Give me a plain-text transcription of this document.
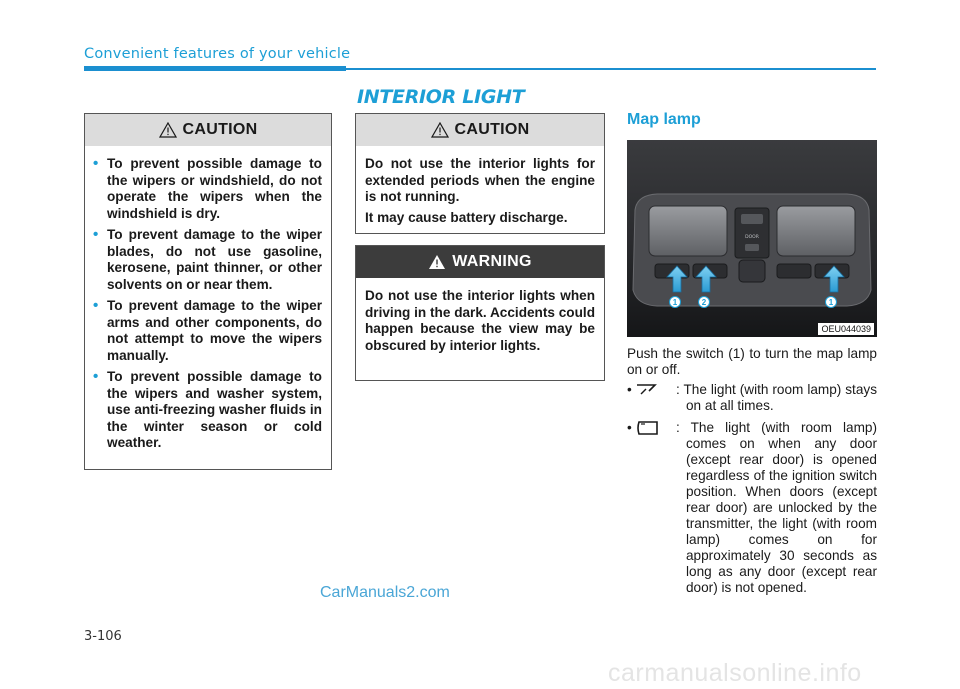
Convenient features of your vehicle
INTERIOR LIGHT
CAUTION
• To prevent possible damage to the wipers or windshield, do not operate the wipers when the windshield is dry.
• To prevent damage to the wiper blades, do not use gasoline, kerosene, paint thinner, or other solvents on or near them.
• To prevent damage to the wiper arms and other components, do not attempt to move the wipers manually.
• To prevent possible damage to the wipers and washer system, use anti-freezing washer fluids in the winter season or cold weather.
CAUTION

Do not use the interior lights for extended periods when the engine is not running.

It may cause battery discharge.

WARNING

Do not use the interior lights when driving in the dark. Accidents could happen because the view may be obscured by interior lights.

Map lamp
DOOR
1	2	1
OEU044039
Push the switch (1) to turn the map lamp on or off.
•	: The light (with room lamp) stays on at all times.
•	: The light (with room lamp) comes on when any door (except rear door) is opened regardless of the ignition switch position. When doors (except rear door) are unlocked by the transmitter, the light (with room lamp) comes on for approximately 30 seconds as long as any door (except rear door) is not opened.
CarManuals2.com
3-106
carmanualsonline.info
